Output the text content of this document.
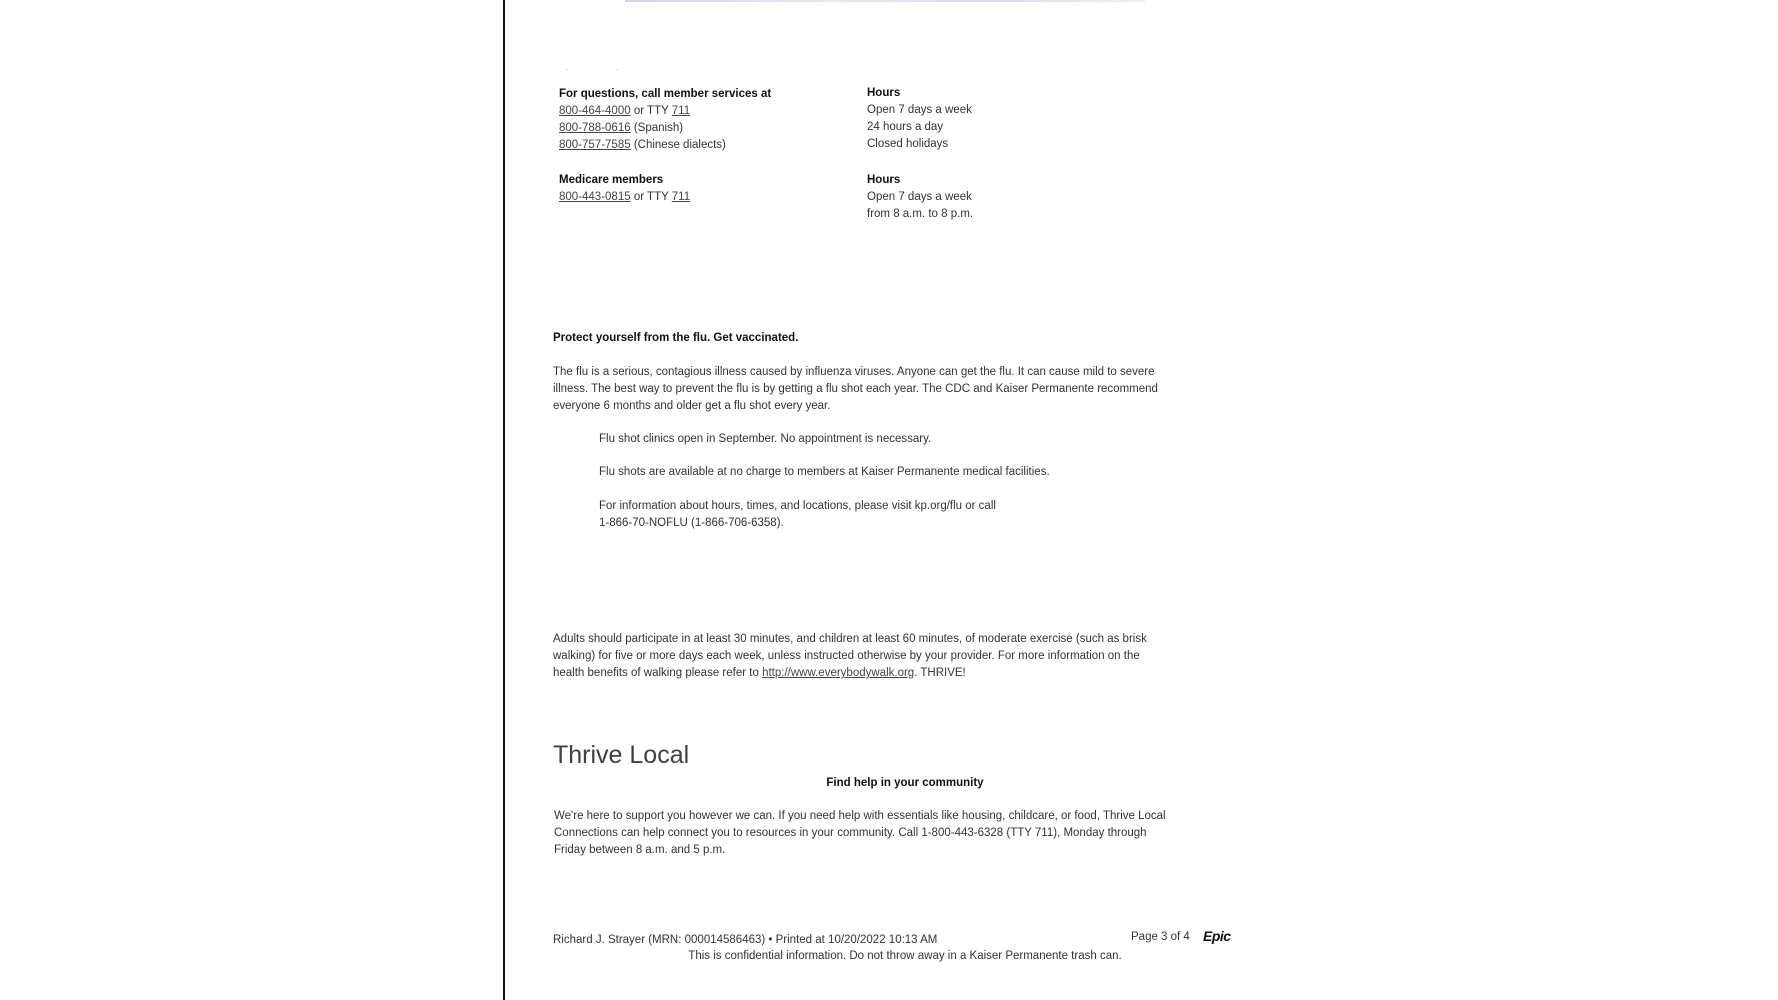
· ·
For questions, call member services at
800-464-4000 or TTY 711
800-788-0616 (Spanish)
800-757-7585 (Chinese dialects)
Hours
Open 7 days a week
24 hours a day
Closed holidays
Medicare members
800-443-0815 or TTY 711
Hours
Open 7 days a week
from 8 a.m. to 8 p.m.
Protect yourself from the flu. Get vaccinated.
The flu is a serious, contagious illness caused by influenza viruses. Anyone can get the flu. It can cause mild to severe
illness. The best way to prevent the flu is by getting a flu shot each year. The CDC and Kaiser Permanente recommend
everyone 6 months and older get a flu shot every year.
Flu shot clinics open in September. No appointment is necessary.
Flu shots are available at no charge to members at Kaiser Permanente medical facilities.
For information about hours, times, and locations, please visit kp.org/flu or call
1-866-70-NOFLU (1-866-706-6358).
Adults should participate in at least 30 minutes, and children at least 60 minutes, of moderate exercise (such as brisk
walking) for five or more days each week, unless instructed otherwise by your provider. For more information on the
health benefits of walking please refer to http://www.everybodywalk.org. THRIVE!
Thrive Local
Find help in your community
We're here to support you however we can. If you need help with essentials like housing, childcare, or food, Thrive Local
Connections can help connect you to resources in your community. Call 1-800-443-6328 (TTY 711), Monday through
Friday between 8 a.m. and 5 p.m.
Richard J. Strayer (MRN: 000014586463) • Printed at 10/20/2022 10:13 AM	Page 3 of 4 Epic
This is confidential information. Do not throw away in a Kaiser Permanente trash can.
